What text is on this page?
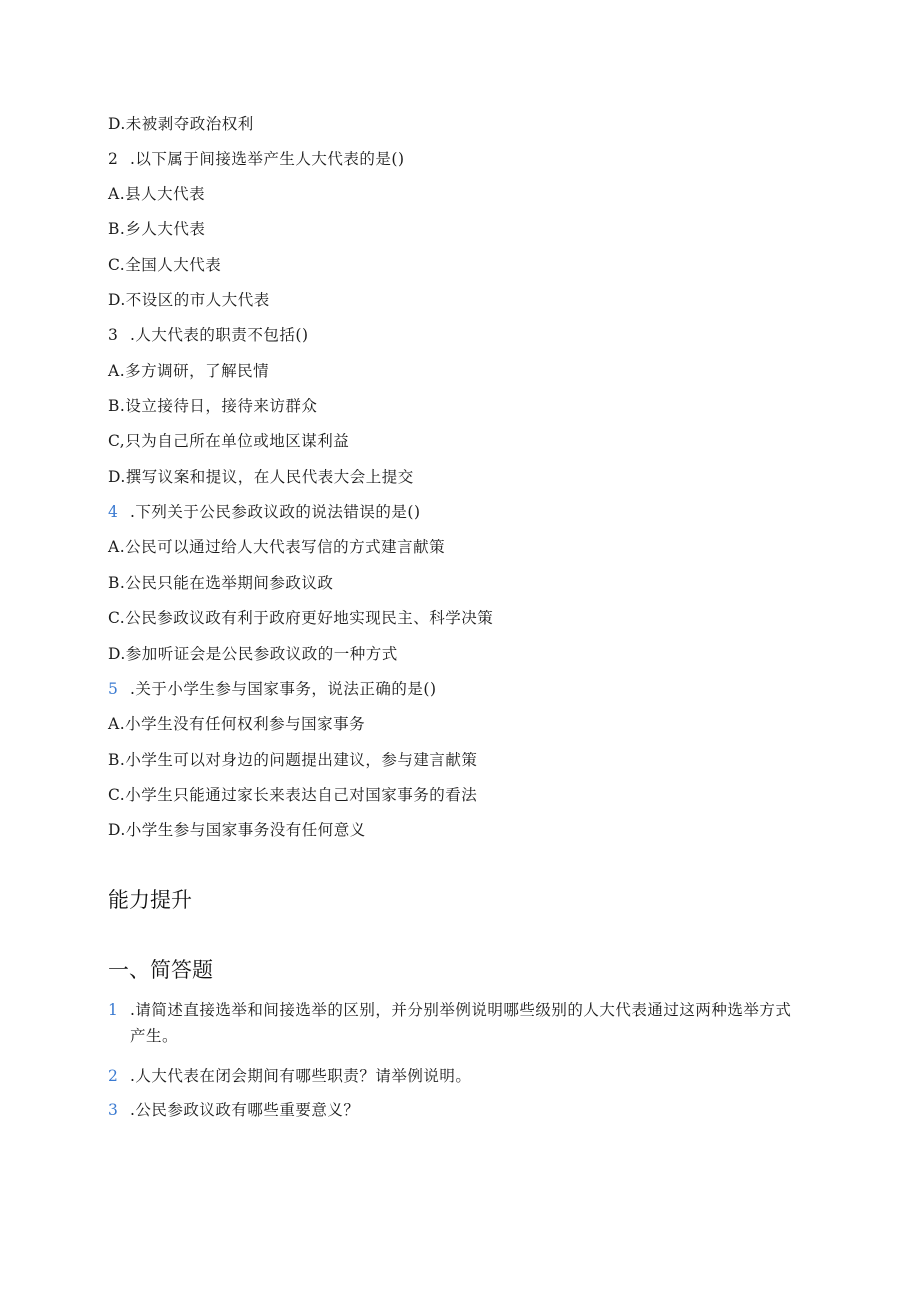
D.未被剥夺政治权利
2 .以下属于间接选举产生人大代表的是()
A.县人大代表
B.乡人大代表
C.全国人大代表
D.不设区的市人大代表
3 .人大代表的职责不包括()
A.多方调研，了解民情
B.设立接待日，接待来访群众
C,只为自己所在单位或地区谋利益
D.撰写议案和提议，在人民代表大会上提交
4 .下列关于公民参政议政的说法错误的是()
A.公民可以通过给人大代表写信的方式建言献策
B.公民只能在选举期间参政议政
C.公民参政议政有利于政府更好地实现民主、科学决策
D.参加听证会是公民参政议政的一种方式
5 .关于小学生参与国家事务，说法正确的是()
A.小学生没有任何权利参与国家事务
B.小学生可以对身边的问题提出建议，参与建言献策
C.小学生只能通过家长来表达自己对国家事务的看法
D.小学生参与国家事务没有任何意义
能力提升
一、简答题
1 .请简述直接选举和间接选举的区别，并分别举例说明哪些级别的人大代表通过这两种选举方式产生。
2 .人大代表在闭会期间有哪些职责？请举例说明。
3 .公民参政议政有哪些重要意义？
